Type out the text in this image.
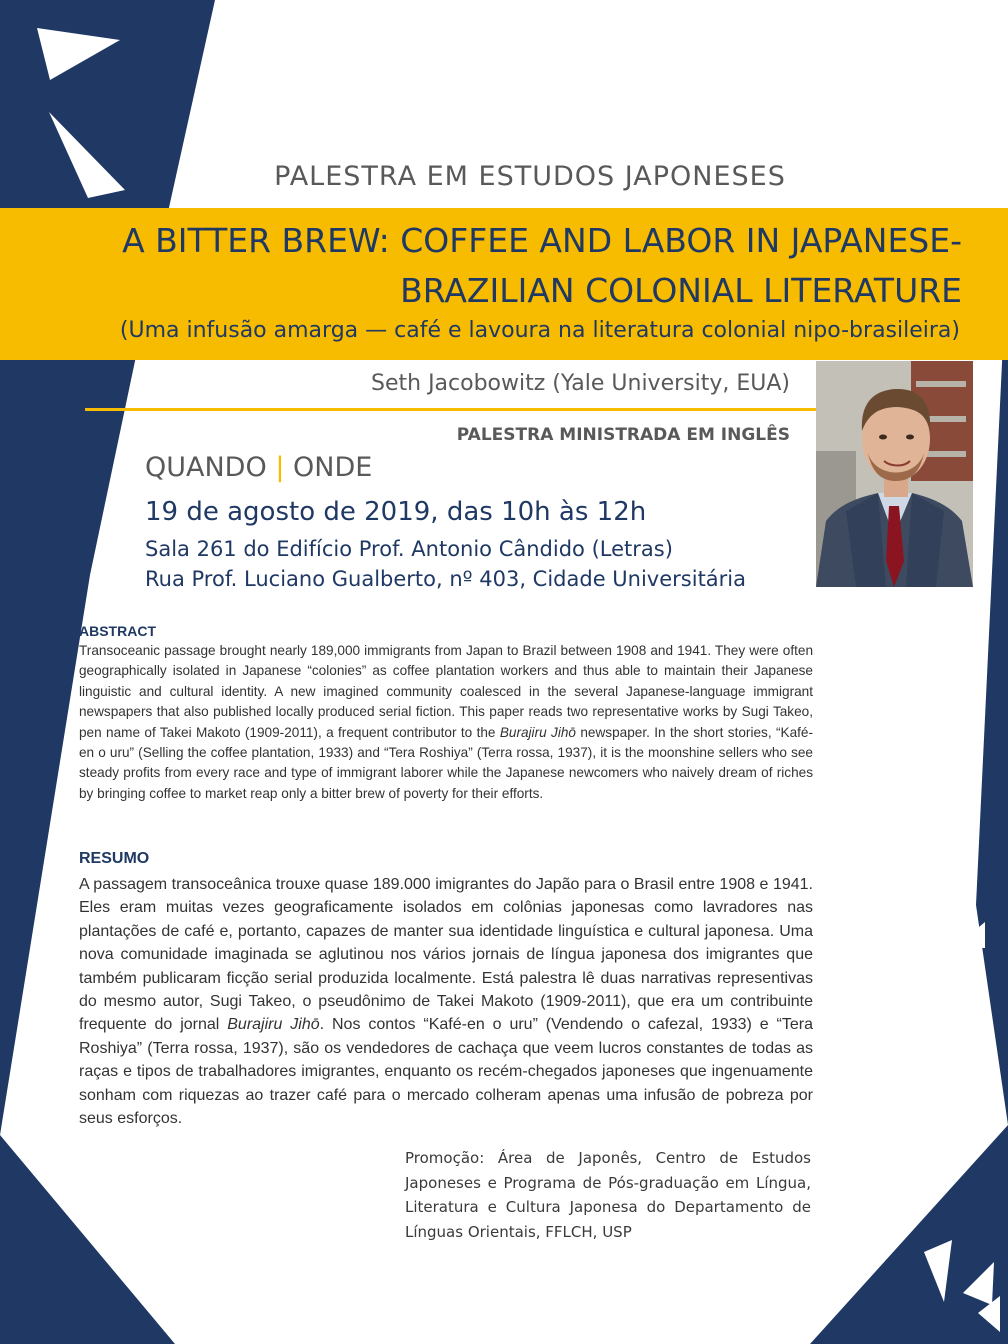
PALESTRA EM ESTUDOS JAPONESES
A BITTER BREW: COFFEE AND LABOR IN JAPANESE-
BRAZILIAN COLONIAL LITERATURE
(Uma infusão amarga — café e lavoura na literatura colonial nipo-brasileira)
Seth Jacobowitz (Yale University, EUA)
PALESTRA MINISTRADA EM INGLÊS
QUANDO | ONDE
19 de agosto de 2019, das 10h às 12h
Sala 261 do Edifício Prof. Antonio Cândido (Letras)
Rua Prof. Luciano Gualberto, nº 403, Cidade Universitária
ABSTRACT

Transoceanic passage brought nearly 189,000 immigrants from Japan to Brazil between 1908 and 1941. They were often geographically isolated in Japanese “colonies” as coffee plantation workers and thus able to maintain their Japanese linguistic and cultural identity. A new imagined community coalesced in the several Japanese-language immigrant newspapers that also published locally produced serial fiction. This paper reads two representative works by Sugi Takeo, pen name of Takei Makoto (1909-2011), a frequent contributor to the Burajiru Jihō newspaper. In the short stories, “Kafé-en o uru” (Selling the coffee plantation, 1933) and “Tera Roshiya” (Terra rossa, 1937), it is the moonshine sellers who see steady profits from every race and type of immigrant laborer while the Japanese newcomers who naively dream of riches by bringing coffee to market reap only a bitter brew of poverty for their efforts.

RESUMO

A passagem transoceânica trouxe quase 189.000 imigrantes do Japão para o Brasil entre 1908 e 1941. Eles eram muitas vezes geograficamente isolados em colônias japonesas como lavradores nas plantações de café e, portanto, capazes de manter sua identidade linguística e cultural japonesa. Uma nova comunidade imaginada se aglutinou nos vários jornais de língua japonesa dos imigrantes que também publicaram ficção serial produzida localmente. Está palestra lê duas narrativas representivas do mesmo autor, Sugi Takeo, o pseudônimo de Takei Makoto (1909-2011), que era um contribuinte frequente do jornal Burajiru Jihō. Nos contos “Kafé-en o uru” (Vendendo o cafezal, 1933) e “Tera Roshiya” (Terra rossa, 1937), são os vendedores de cachaça que veem lucros constantes de todas as raças e tipos de trabalhadores imigrantes, enquanto os recém-chegados japoneses que ingenuamente sonham com riquezas ao trazer café para o mercado colheram apenas uma infusão de pobreza por seus esforços.

Promoção: Área de Japonês, Centro de Estudos Japoneses e Programa de Pós-graduação em Língua, Literatura e Cultura Japonesa do Departamento de Línguas Orientais, FFLCH, USP
